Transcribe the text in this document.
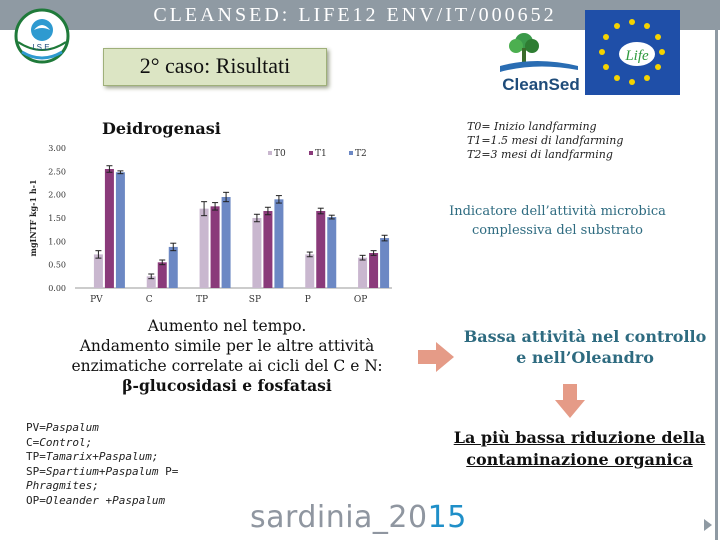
CLEANSED: LIFE12 ENV/IT/000652
I.S.E.
CleanSed
Life
2° caso: Risultati
Deidrogenasi
mgINTF kg-1 h-1
0.00
0.50
1.00
1.50
2.00
2.50
3.00
PV	C	TP	SP	P	OP
T0	T1	T2
T0= Inizio landfarming
T1=1.5 mesi di landfarming
T2=3 mesi di landfarming
Indicatore dell’attività microbica complessiva del substrato
Aumento nel tempo.
Andamento simile per le altre attività
enzimatiche correlate ai cicli del C e N:
β-glucosidasi e fosfatasi
Bassa attività nel controllo e nell’Oleandro
PV=Paspalum
C=Control;
TP=Tamarix+Paspalum;
SP=Spartium+Paspalum P=
Phragmites;
OP=Oleander +Paspalum
La più bassa riduzione della contaminazione organica
sardinia_2015
